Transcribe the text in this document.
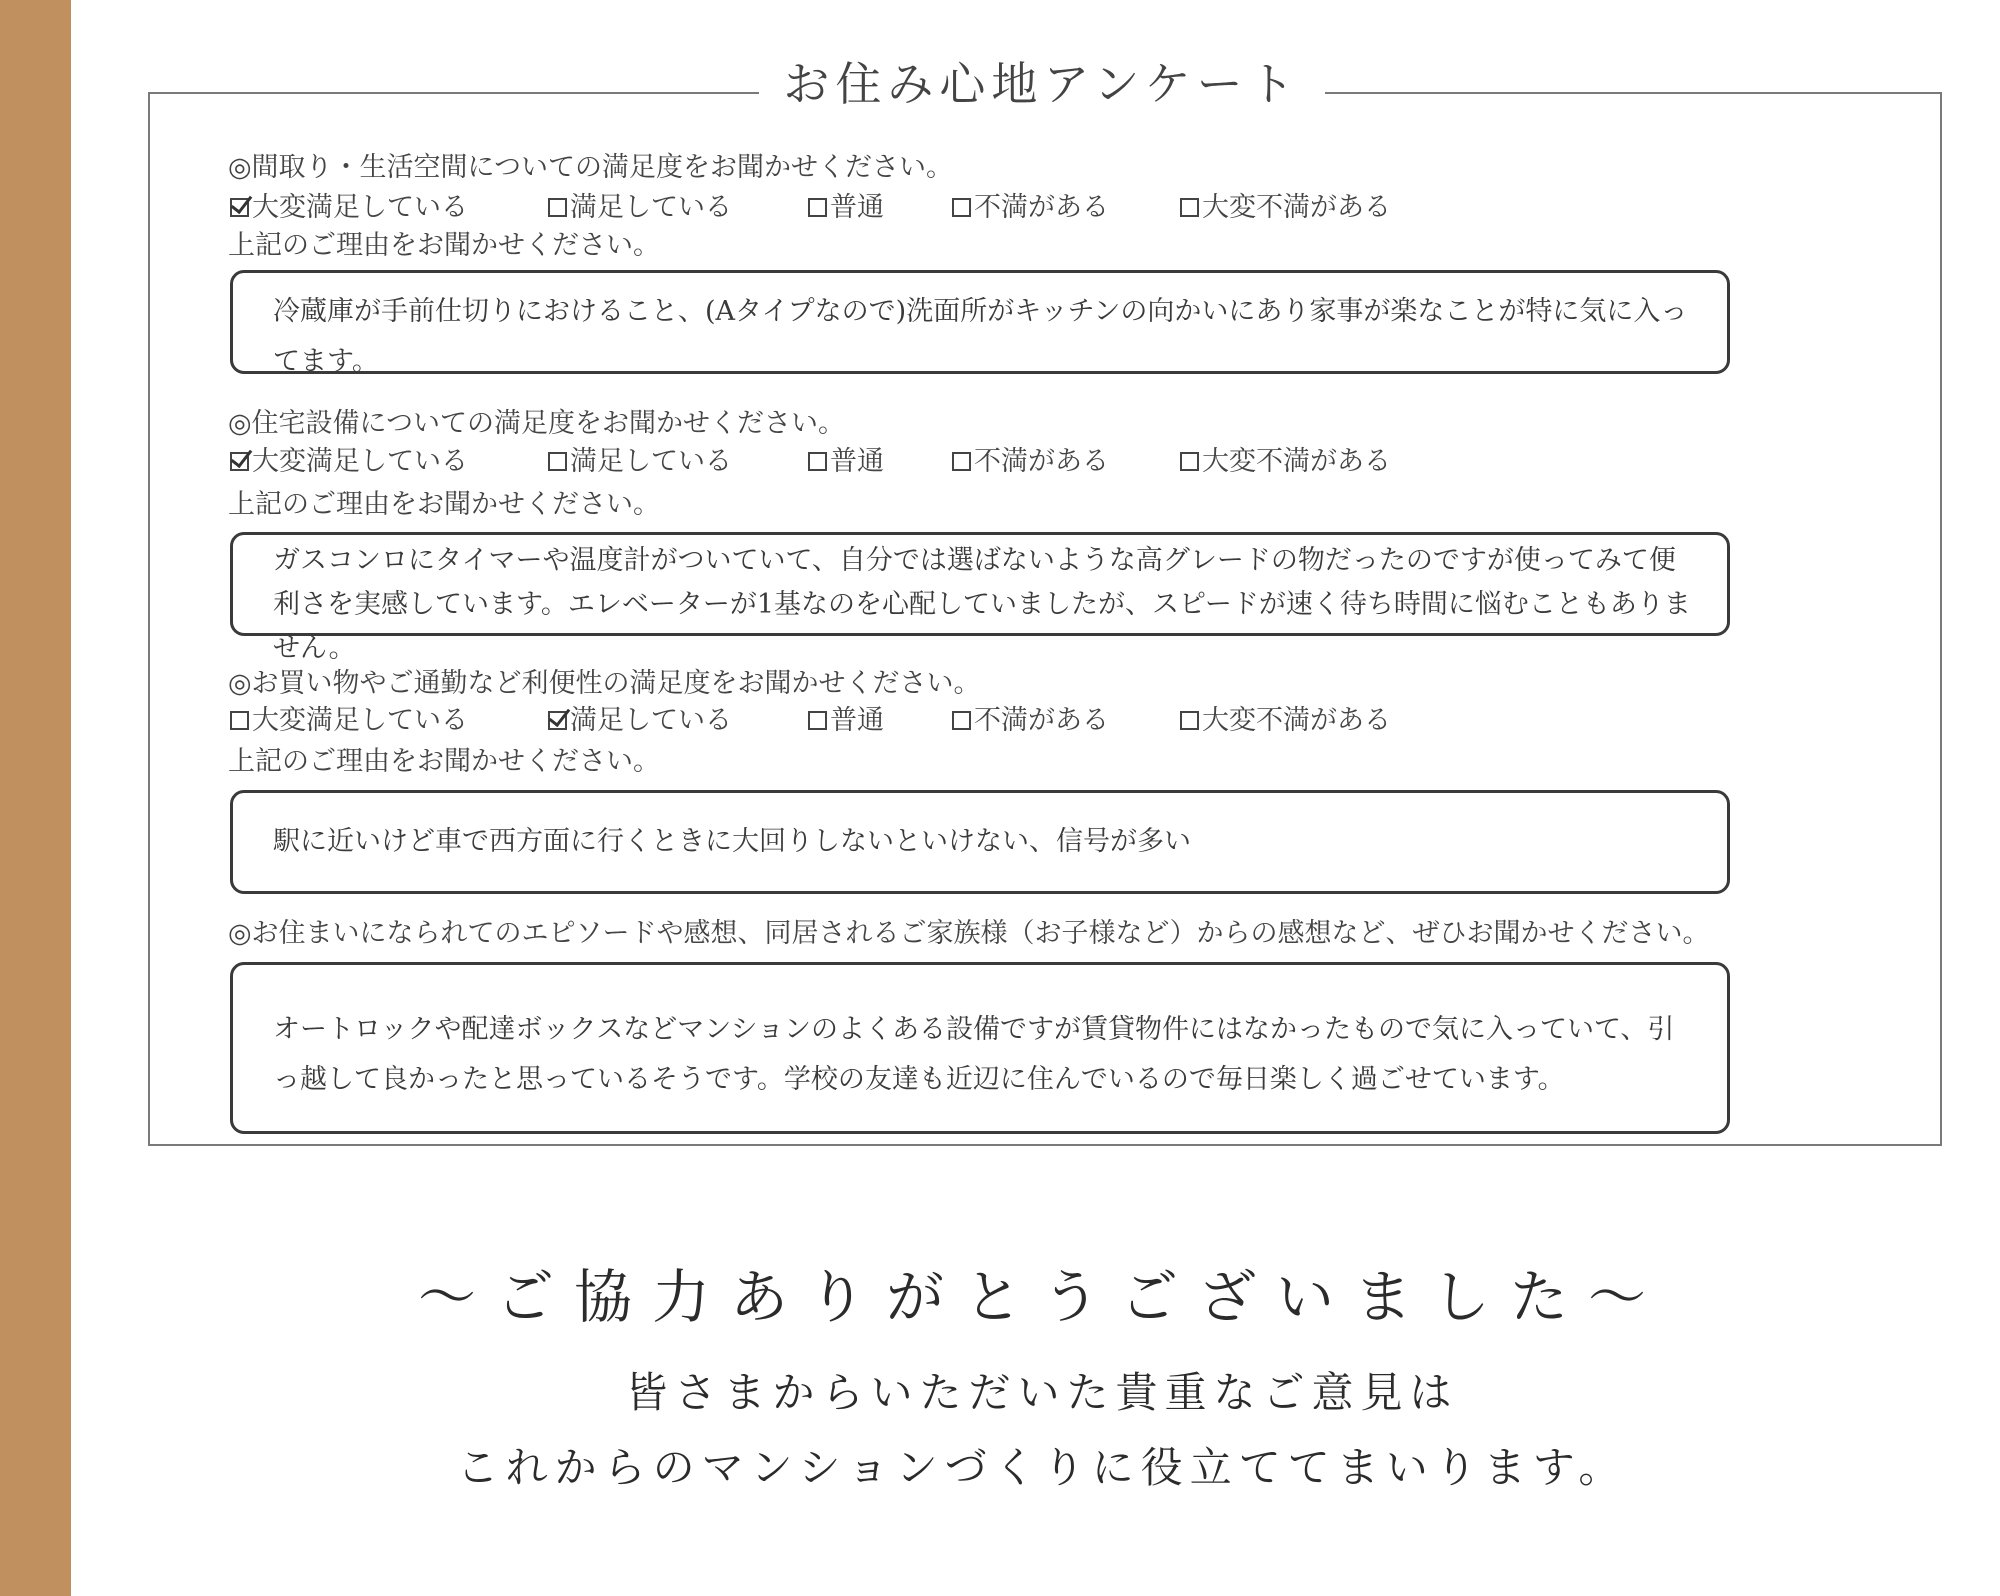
お住み心地アンケート
◎間取り・生活空間についての満足度をお聞かせください。
大変満足している	満足している	普通	不満がある	大変不満がある
上記のご理由をお聞かせください。
冷蔵庫が手前仕切りにおけること、(Aタイプなので)洗面所がキッチンの向かいにあり家事が楽なことが特に気に入ってます。
◎住宅設備についての満足度をお聞かせください。
大変満足している	満足している	普通	不満がある	大変不満がある
上記のご理由をお聞かせください。
ガスコンロにタイマーや温度計がついていて、自分では選ばないような高グレードの物だったのですが使ってみて便利さを実感しています。エレベーターが1基なのを心配していましたが、スピードが速く待ち時間に悩むこともありません。
◎お買い物やご通勤など利便性の満足度をお聞かせください。
大変満足している	満足している	普通	不満がある	大変不満がある
上記のご理由をお聞かせください。
駅に近いけど車で西方面に行くときに大回りしないといけない、信号が多い
◎お住まいになられてのエピソードや感想、同居されるご家族様（お子様など）からの感想など、ぜひお聞かせください。
オートロックや配達ボックスなどマンションのよくある設備ですが賃貸物件にはなかったもので気に入っていて、引っ越して良かったと思っているそうです。学校の友達も近辺に住んでいるので毎日楽しく過ごせています。
～ご協力ありがとうございました～
皆さまからいただいた貴重なご意見は
これからのマンションづくりに役立ててまいります。
